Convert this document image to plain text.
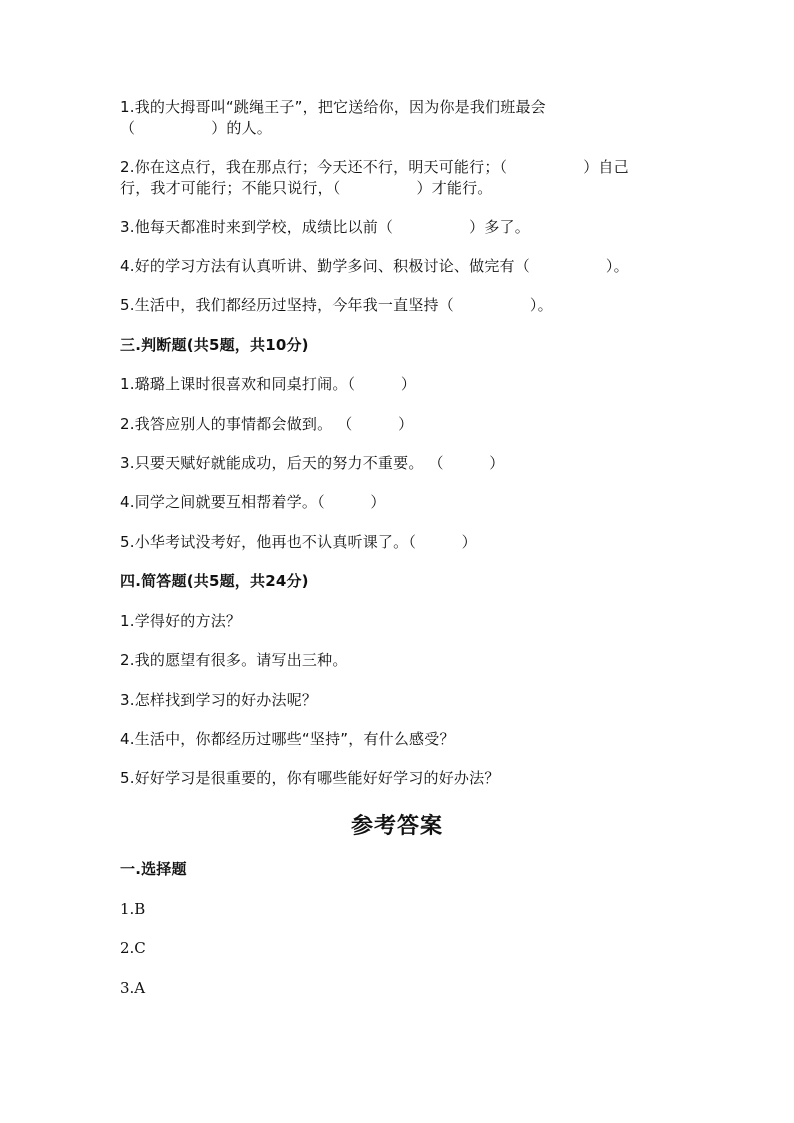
1.我的大拇哥叫“跳绳王子”，把它送给你，因为你是我们班最会
（　　　　　）的人。
2.你在这点行，我在那点行；今天还不行，明天可能行；（　　　　　）自己
行，我才可能行；不能只说行，（　　　　　）才能行。
3.他每天都准时来到学校，成绩比以前（　　　　　）多了。
4.好的学习方法有认真听讲、勤学多问、积极讨论、做完有（　　　　　）。
5.生活中，我们都经历过坚持，今年我一直坚持（　　　　　）。
三.判断题(共5题，共10分)
1.璐璐上课时很喜欢和同桌打闹。（　　　）
2.我答应别人的事情都会做到。 （　　　）
3.只要天赋好就能成功，后天的努力不重要。 （　　　）
4.同学之间就要互相帮着学。（　　　）
5.小华考试没考好，他再也不认真听课了。（　　　）
四.简答题(共5题，共24分)
1.学得好的方法？
2.我的愿望有很多。请写出三种。
3.怎样找到学习的好办法呢？
4.生活中，你都经历过哪些“坚持”，有什么感受？
5.好好学习是很重要的，你有哪些能好好学习的好办法？
参考答案
一.选择题
1.B
2.C
3.A
